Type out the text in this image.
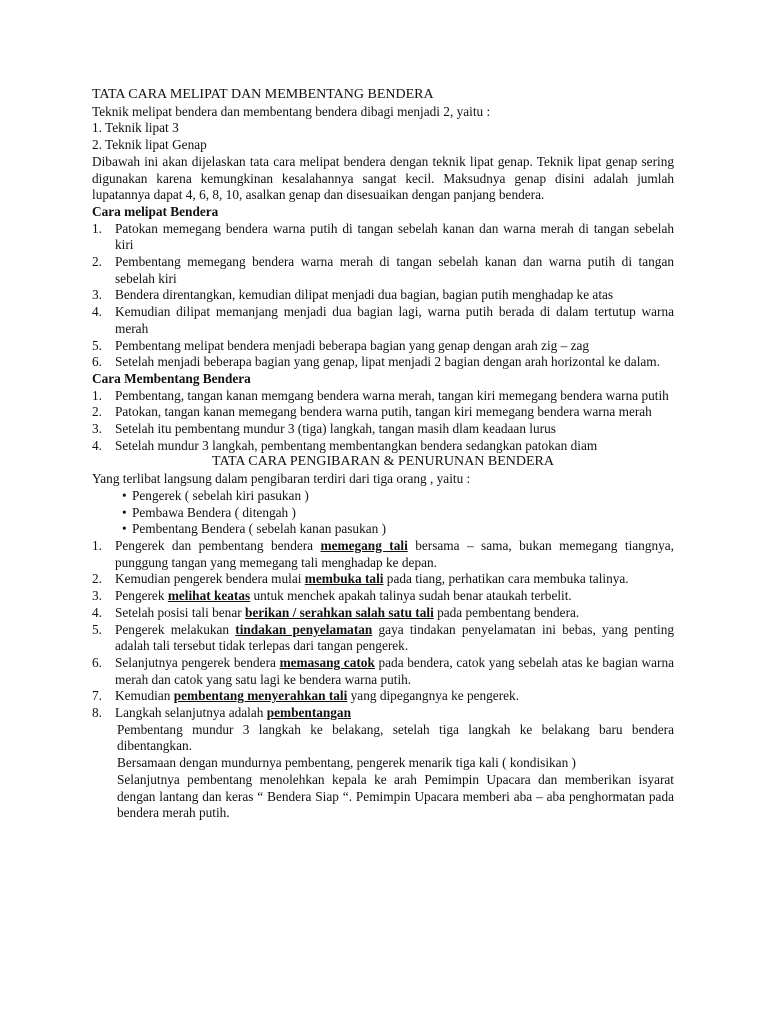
TATA CARA MELIPAT DAN MEMBENTANG BENDERA

Teknik melipat bendera dan membentang bendera dibagi menjadi 2, yaitu :

1. Teknik lipat 3

2. Teknik lipat Genap

Dibawah ini akan dijelaskan tata cara melipat bendera dengan teknik lipat genap. Teknik lipat genap sering digunakan karena kemungkinan kesalahannya sangat kecil. Maksudnya genap disini adalah jumlah lupatannya dapat 4, 6, 8, 10, asalkan genap dan disesuaikan dengan panjang bendera.

Cara melipat Bendera

1. Patokan memegang bendera warna putih di tangan sebelah kanan dan warna merah di tangan sebelah kiri
2. Pembentang memegang bendera warna merah di tangan sebelah kanan dan warna putih di tangan sebelah kiri
3. Bendera direntangkan, kemudian dilipat menjadi dua bagian, bagian putih menghadap ke atas
4. Kemudian dilipat memanjang menjadi dua bagian lagi, warna putih berada di dalam tertutup warna merah
5. Pembentang melipat bendera menjadi beberapa bagian yang genap dengan arah zig – zag
6. Setelah menjadi beberapa bagian yang genap, lipat menjadi 2 bagian dengan arah horizontal ke dalam.

Cara Membentang Bendera

1. Pembentang, tangan kanan memgang bendera warna merah, tangan kiri memegang bendera warna putih
2. Patokan, tangan kanan memegang bendera warna putih, tangan kiri memegang bendera warna merah
3. Setelah itu pembentang mundur 3 (tiga) langkah, tangan masih dlam keadaan lurus
4. Setelah mundur 3 langkah, pembentang membentangkan bendera sedangkan patokan diam

TATA CARA PENGIBARAN & PENURUNAN BENDERA

Yang terlibat langsung dalam pengibaran terdiri dari tiga orang , yaitu :

• Pengerek ( sebelah kiri pasukan )
• Pembawa Bendera ( ditengah )
• Pembentang Bendera ( sebelah kanan pasukan )
1. Pengerek dan pembentang bendera memegang tali bersama – sama, bukan memegang tiangnya, punggung tangan yang memegang tali menghadap ke depan.
2. Kemudian pengerek bendera mulai membuka tali pada tiang, perhatikan cara membuka talinya.
3. Pengerek melihat keatas untuk menchek apakah talinya sudah benar ataukah terbelit.
4. Setelah posisi tali benar berikan / serahkan salah satu tali pada pembentang bendera.
5. Pengerek melakukan tindakan penyelamatan gaya tindakan penyelamatan ini bebas, yang penting adalah tali tersebut tidak terlepas dari tangan pengerek.
6. Selanjutnya pengerek bendera memasang catok pada bendera, catok yang sebelah atas ke bagian warna merah dan catok yang satu lagi ke bendera warna putih.
7. Kemudian pembentang menyerahkan tali yang dipegangnya ke pengerek.
8. Langkah selanjutnya adalah pembentangan

Pembentang mundur 3 langkah ke belakang, setelah tiga langkah ke belakang baru bendera dibentangkan.

Bersamaan dengan mundurnya pembentang, pengerek menarik tiga kali ( kondisikan )

Selanjutnya pembentang menolehkan kepala ke arah Pemimpin Upacara dan memberikan isyarat dengan lantang dan keras “ Bendera Siap “. Pemimpin Upacara memberi aba – aba penghormatan pada bendera merah putih.
